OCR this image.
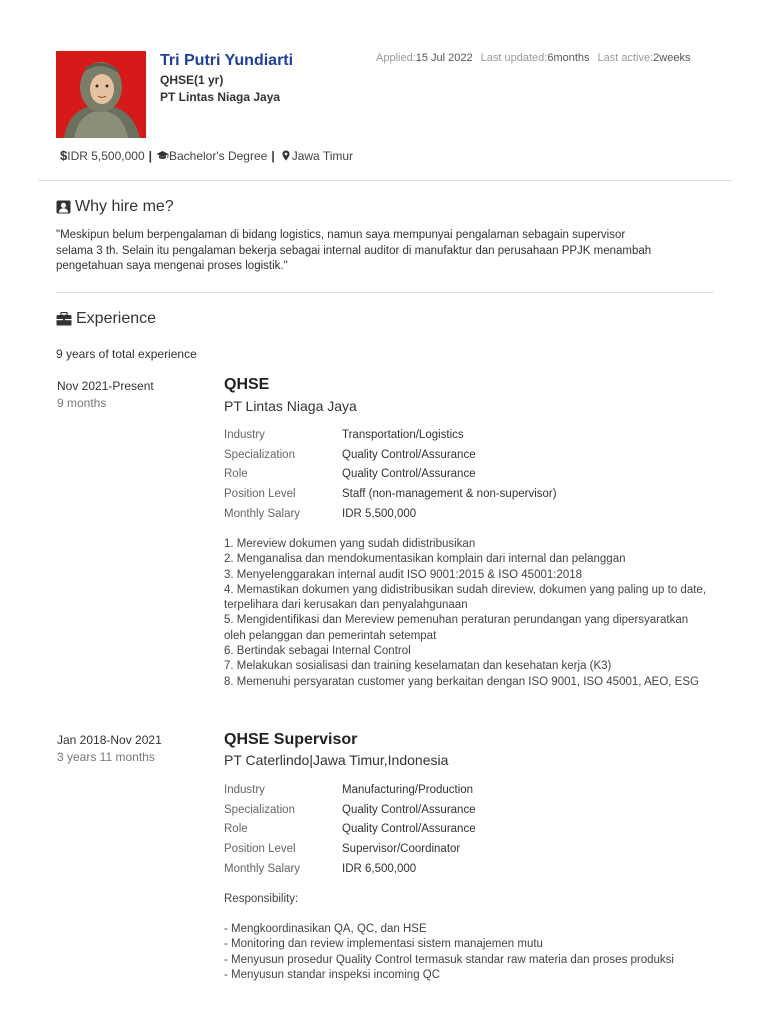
Tri Putri Yundiarti
QHSE(1 yr)
PT Lintas Niaga Jaya
Applied:15 Jul 2022 Last updated:6months Last active:2weeks
$ IDR 5,500,000 | Bachelor's Degree | Jawa Timur
Why hire me?
"Meskipun belum berpengalaman di bidang logistics, namun saya mempunyai pengalaman sebagain supervisor selama 3 th. Selain itu pengalaman bekerja sebagai internal auditor di manufaktur dan perusahaan PPJK menambah pengetahuan saya mengenai proses logistik."
Experience
9 years of total experience
Nov 2021-Present
9 months
QHSE
PT Lintas Niaga Jaya
Industry	Transportation/Logistics
Specialization	Quality Control/Assurance
Role	Quality Control/Assurance
Position Level	Staff (non-management & non-supervisor)
Monthly Salary	IDR 5,500,000
1. Mereview dokumen yang sudah didistribusikan
2. Menganalisa dan mendokumentasikan komplain dari internal dan pelanggan
3. Menyelenggarakan internal audit ISO 9001:2015 & ISO 45001:2018
4. Memastikan dokumen yang didistribusikan sudah direview, dokumen yang paling up to date, terpelihara dari kerusakan dan penyalahgunaan
5. Mengidentifikasi dan Mereview pemenuhan peraturan perundangan yang dipersyaratkan oleh pelanggan dan pemerintah setempat
6. Bertindak sebagai Internal Control
7. Melakukan sosialisasi dan training keselamatan dan kesehatan kerja (K3)
8. Memenuhi persyaratan customer yang berkaitan dengan ISO 9001, ISO 45001, AEO, ESG
Jan 2018-Nov 2021
3 years 11 months
QHSE Supervisor
PT Caterlindo|Jawa Timur,Indonesia
Industry	Manufacturing/Production
Specialization	Quality Control/Assurance
Role	Quality Control/Assurance
Position Level	Supervisor/Coordinator
Monthly Salary	IDR 6,500,000
Responsibility:
- Mengkoordinasikan QA, QC, dan HSE
- Monitoring dan review implementasi sistem manajemen mutu
- Menyusun prosedur Quality Control termasuk standar raw materia dan proses produksi
- Menyusun standar inspeksi incoming QC
